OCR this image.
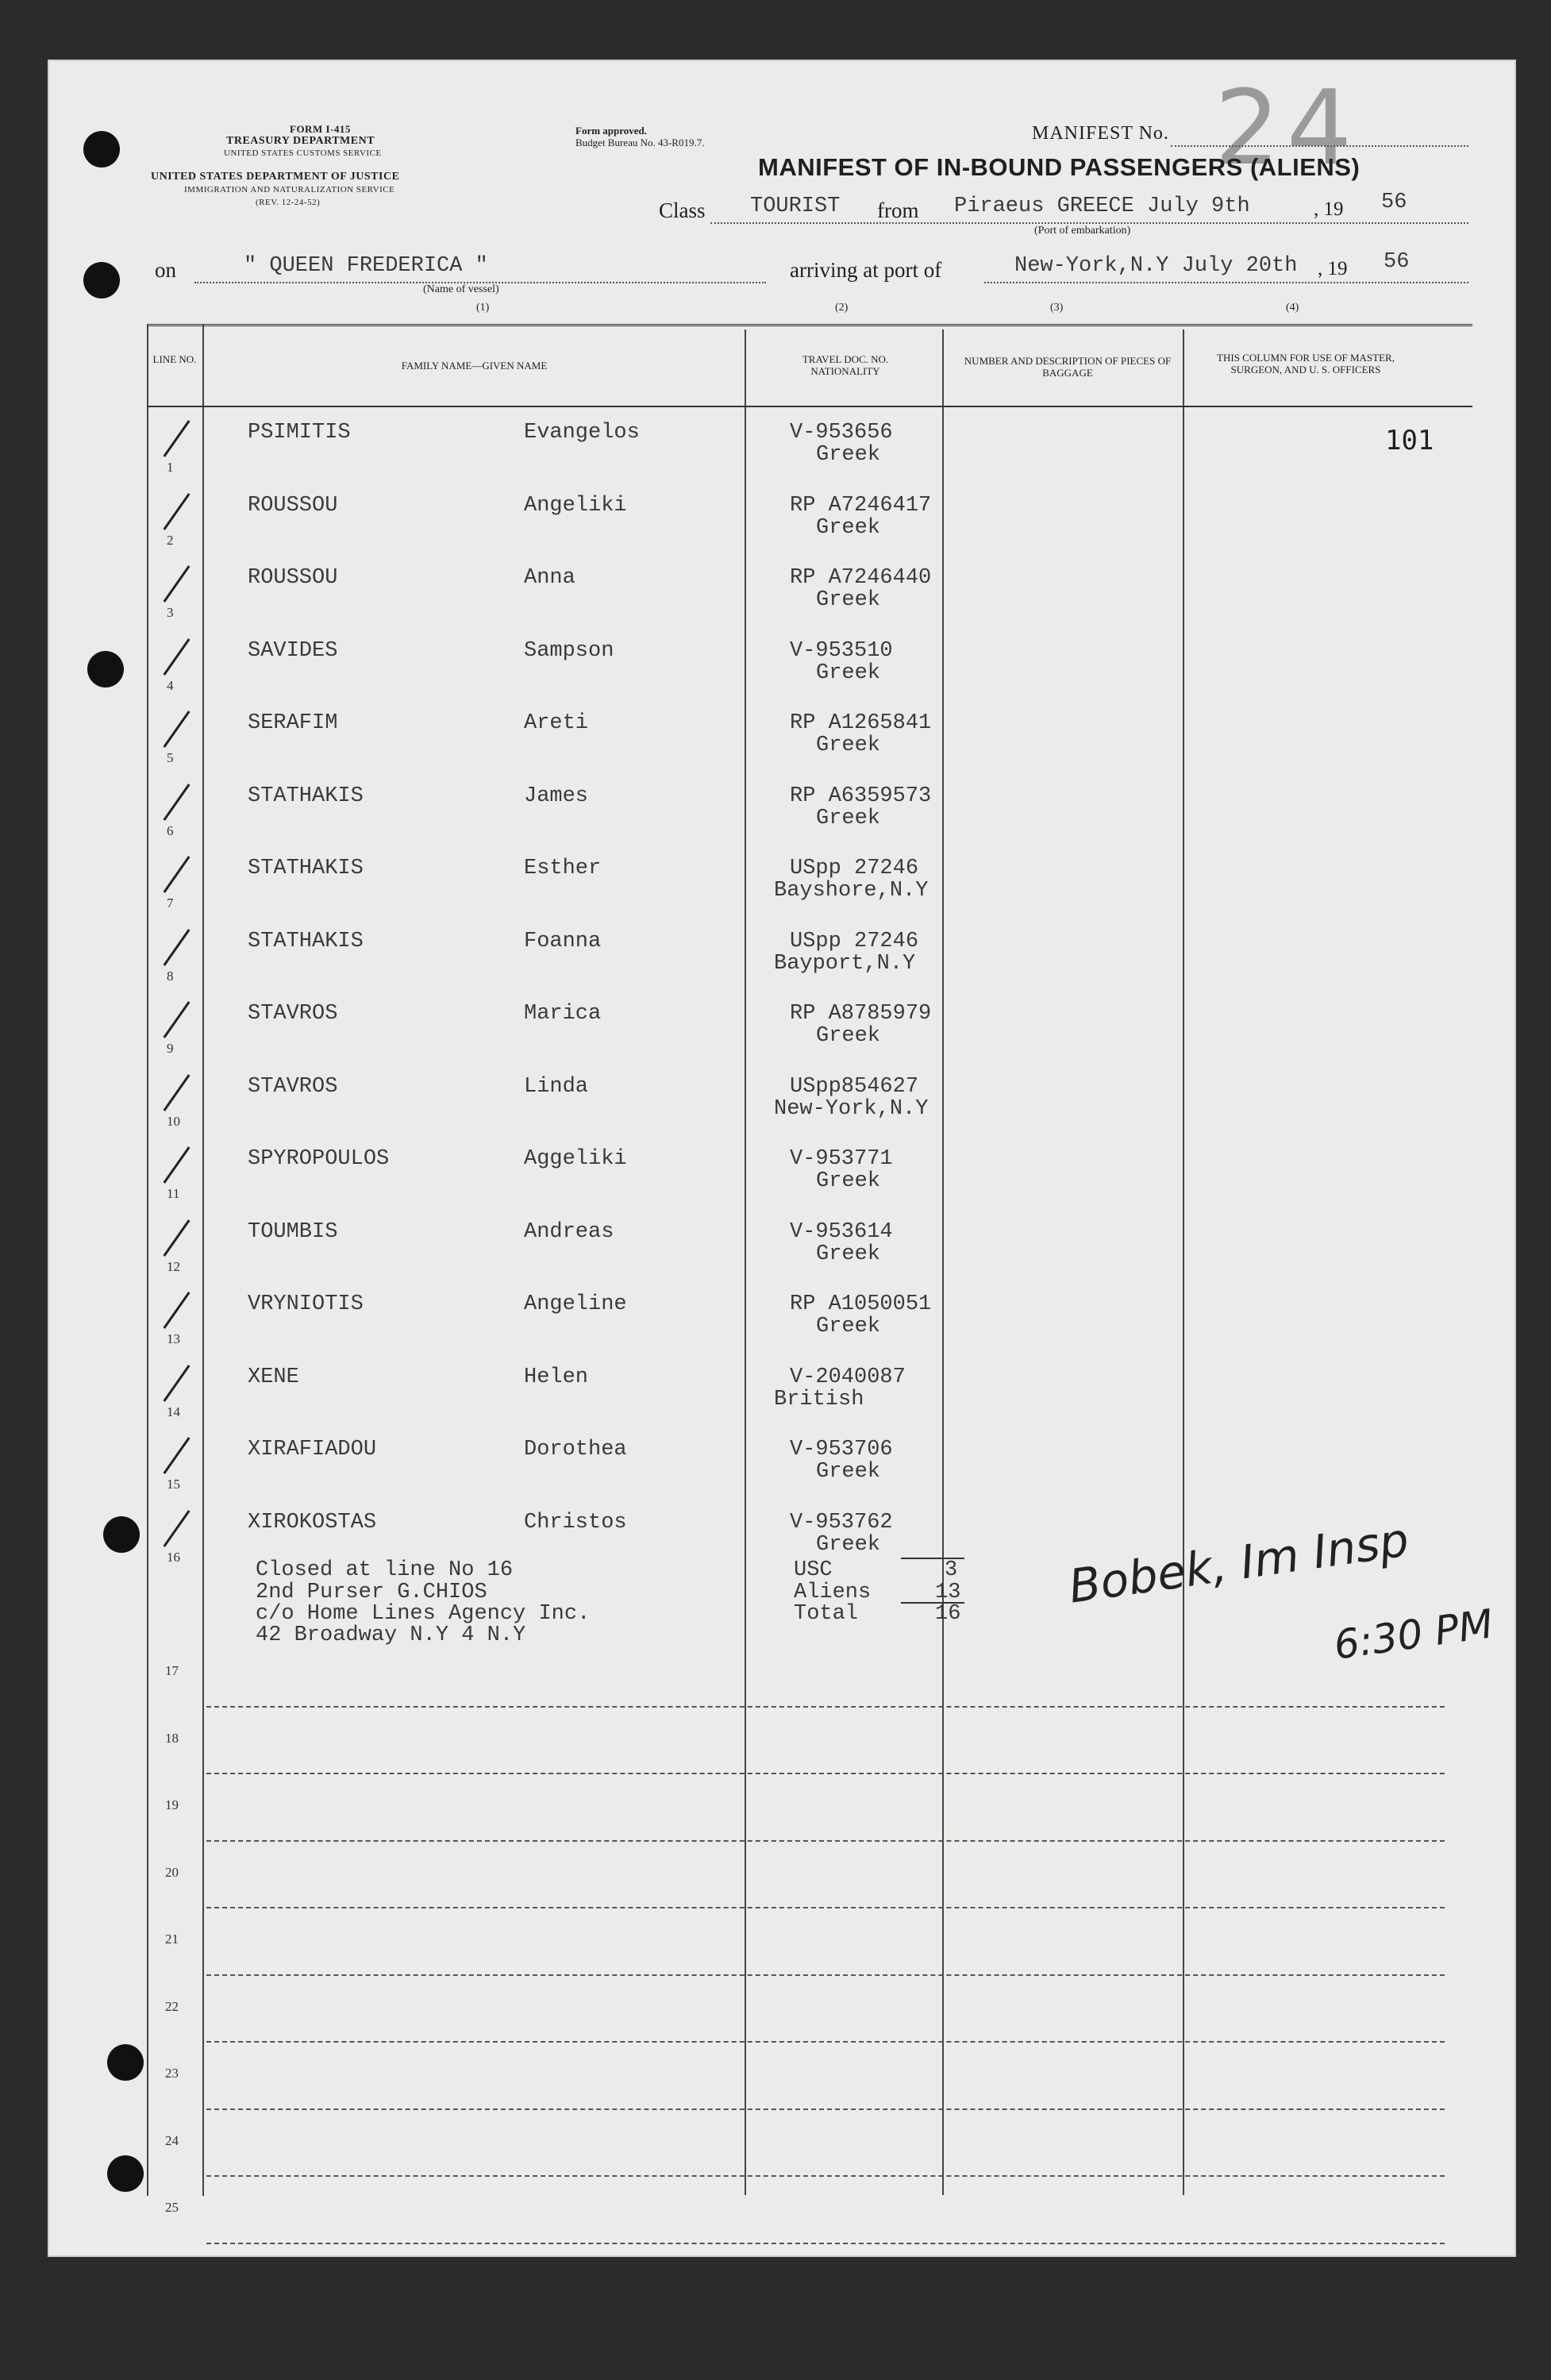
FORM I-415
TREASURY DEPARTMENT
UNITED STATES CUSTOMS SERVICE
UNITED STATES DEPARTMENT OF JUSTICE
IMMIGRATION AND NATURALIZATION SERVICE
(REV. 12-24-52)
Form approved.
Budget Bureau No. 43-R019.7.	MANIFEST No. 24
MANIFEST OF IN-BOUND PASSENGERS (ALIENS)
Class TOURIST from Piraeus GREECE July 9th	, 19 56
(Port of embarkation)
on	" QUEEN FREDERICA "
(Name of vessel)
arriving at port of	New-York,N.Y July 20th , 19 56
(1)	(2)	(3)	(4)
LINE NO.
FAMILY NAME—GIVEN NAME
TRAVEL DOC. NO. NATIONALITY
NUMBER AND DESCRIPTION OF PIECES OF BAGGAGE
THIS COLUMN FOR USE OF MASTER, SURGEON, AND U. S. OFFICERS
101
1
PSIMITIS	Evangelos	V-953656
Greek
2
ROUSSOU	Angeliki	RP A7246417
Greek
3
ROUSSOU	Anna	RP A7246440
Greek
4
SAVIDES	Sampson	V-953510
Greek
5
SERAFIM	Areti	RP A1265841
Greek
6
STATHAKIS	James	RP A6359573
Greek
7
STATHAKIS	Esther	USpp 27246
Bayshore,N.Y
8
STATHAKIS	Foanna	USpp 27246
Bayport,N.Y
9
STAVROS	Marica	RP A8785979
Greek
10
STAVROS	Linda	USpp854627
New-York,N.Y
11
SPYROPOULOS	Aggeliki	V-953771
Greek
12
TOUMBIS	Andreas	V-953614
Greek
13
VRYNIOTIS	Angeline	RP A1050051
Greek
14
XENE	Helen	V-2040087
British
15
XIRAFIADOU	Dorothea	V-953706
Greek
16
XIROKOSTAS	Christos	V-953762
Greek
Closed at line No 16
2nd Purser G.CHIOS
c/o Home Lines Agency Inc.
42 Broadway N.Y 4 N.Y
USC	3
Aliens	13
Total	16
Bobek, Im Insp
6:30 PM
17
18
19
20
21
22
23
24
25
